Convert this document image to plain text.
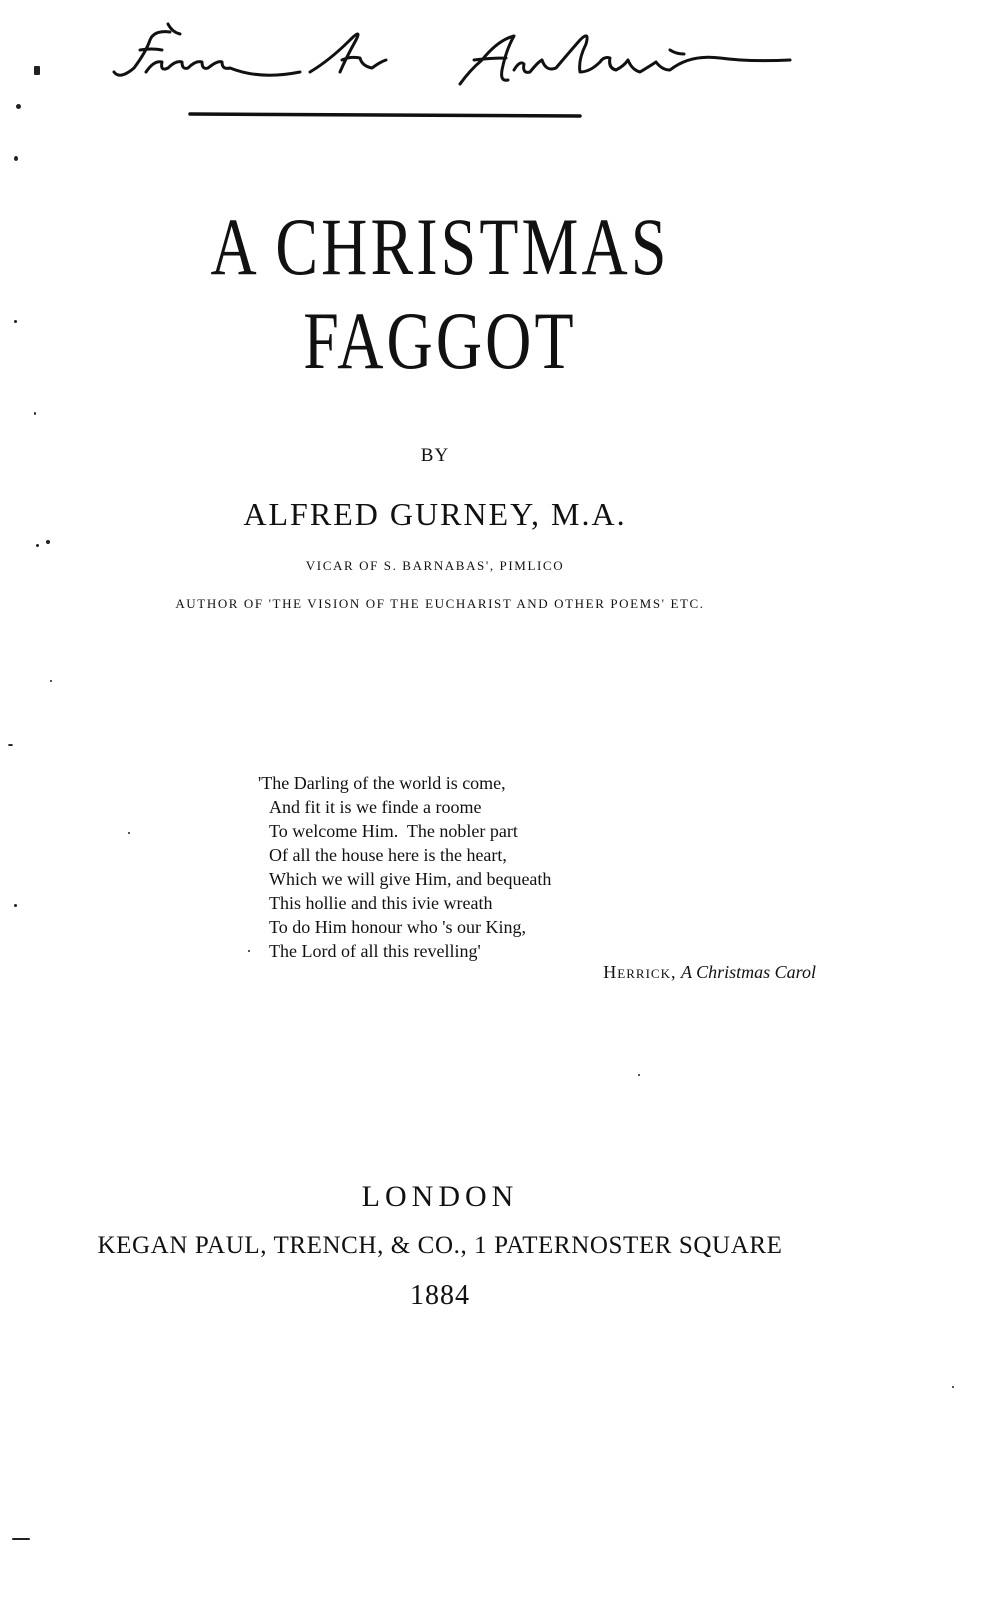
A CHRISTMAS FAGGOT
BY
ALFRED GURNEY, M.A.
VICAR OF S. BARNABAS', PIMLICO
AUTHOR OF 'THE VISION OF THE EUCHARIST AND OTHER POEMS' ETC.
'The Darling of the world is come,
And fit it is we finde a roome
To welcome Him.  The nobler part
Of all the house here is the heart,
Which we will give Him, and bequeath
This hollie and this ivie wreath
To do Him honour who 's our King,
The Lord of all this revelling'
Herrick, A Christmas Carol
LONDON
KEGAN PAUL, TRENCH, & CO., 1 PATERNOSTER SQUARE
1884
